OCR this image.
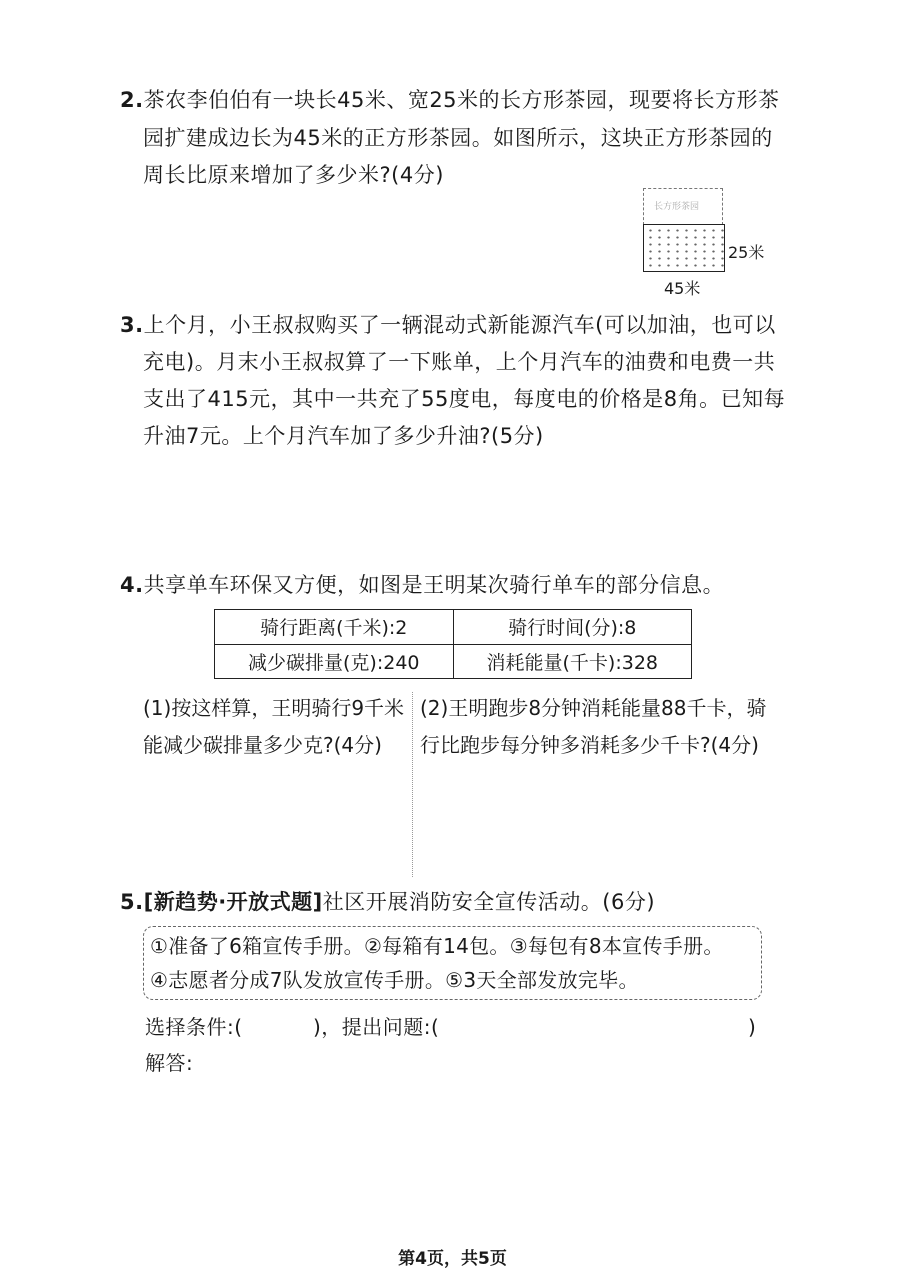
2.茶农李伯伯有一块长45米、宽25米的长方形茶园，现要将长方形茶
园扩建成边长为45米的正方形茶园。如图所示，这块正方形茶园的
周长比原来增加了多少米?(4分)
长方形茶园
25米
45米
3.上个月，小王叔叔购买了一辆混动式新能源汽车(可以加油，也可以
充电)。月末小王叔叔算了一下账单，上个月汽车的油费和电费一共
支出了415元，其中一共充了55度电，每度电的价格是8角。已知每
升油7元。上个月汽车加了多少升油?(5分)
4.共享单车环保又方便，如图是王明某次骑行单车的部分信息。
骑行距离(千米):2	骑行时间(分):8
减少碳排量(克):240	消耗能量(千卡):328
(1)按这样算，王明骑行9千米
能减少碳排量多少克?(4分)
(2)王明跑步8分钟消耗能量88千卡，骑
行比跑步每分钟多消耗多少千卡?(4分)
5.[新趋势·开放式题]社区开展消防安全宣传活动。(6分)
①准备了6箱宣传手册。②每箱有14包。③每包有8本宣传手册。
④志愿者分成7队发放宣传手册。⑤3天全部发放完毕。
选择条件:(	)，提出问题:(	)
解答:
第4页，共5页
